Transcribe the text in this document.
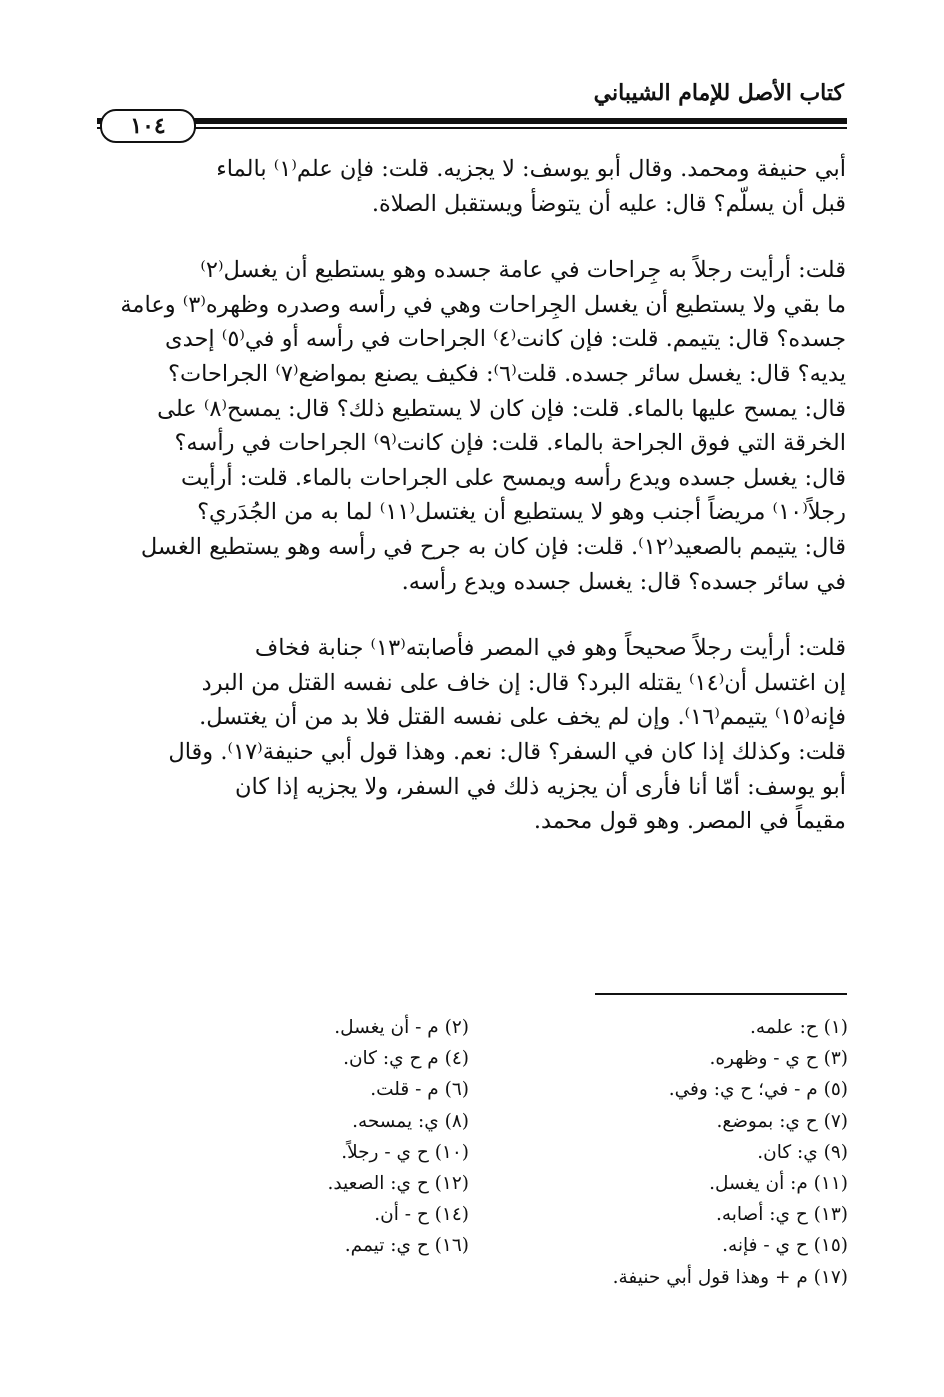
كتاب الأصل للإمام الشيباني
١٠٤
أبي حنيفة ومحمد. وقال أبو يوسف: لا يجزيه. قلت: فإن علم⁽١⁾ بالماء
قبل أن يسلّم؟ قال: عليه أن يتوضأ ويستقبل الصلاة.
قلت: أرأيت رجلاً به جِراحات في عامة جسده وهو يستطيع أن يغسل⁽٢⁾
ما بقي ولا يستطيع أن يغسل الجِراحات وهي في رأسه وصدره وظهره⁽٣⁾ وعامة
جسده؟ قال: يتيمم. قلت: فإن كانت⁽٤⁾ الجراحات في رأسه أو في⁽٥⁾ إحدى
يديه؟ قال: يغسل سائر جسده. قلت⁽٦⁾: فكيف يصنع بمواضع⁽٧⁾ الجراحات؟
قال: يمسح عليها بالماء. قلت: فإن كان لا يستطيع ذلك؟ قال: يمسح⁽٨⁾ على
الخرقة التي فوق الجراحة بالماء. قلت: فإن كانت⁽٩⁾ الجراحات في رأسه؟
قال: يغسل جسده ويدع رأسه ويمسح على الجراحات بالماء. قلت: أرأيت
رجلاً⁽١٠⁾ مريضاً أجنب وهو لا يستطيع أن يغتسل⁽١١⁾ لما به من الجُدَري؟
قال: يتيمم بالصعيد⁽١٢⁾. قلت: فإن كان به جرح في رأسه وهو يستطيع الغسل
في سائر جسده؟ قال: يغسل جسده ويدع رأسه.
قلت: أرأيت رجلاً صحيحاً وهو في المصر فأصابته⁽١٣⁾ جنابة فخاف
إن اغتسل أن⁽١٤⁾ يقتله البرد؟ قال: إن خاف على نفسه القتل من البرد
فإنه⁽١٥⁾ يتيمم⁽١٦⁾. وإن لم يخف على نفسه القتل فلا بد من أن يغتسل.
قلت: وكذلك إذا كان في السفر؟ قال: نعم. وهذا قول أبي حنيفة⁽١٧⁾. وقال
أبو يوسف: أمّا أنا فأرى أن يجزيه ذلك في السفر، ولا يجزيه إذا كان
مقيماً في المصر. وهو قول محمد.
(١) ح: علمه.
(٣) ح ي - وظهره.
(٥) م - في؛ ح ي: وفي.
(٧) ح ي: بموضع.
(٩) ي: كان.
(١١) م: أن يغسل.
(١٣) ح ي: أصابه.
(١٥) ح ي - فإنه.
(١٧) م + وهذا قول أبي حنيفة.
(٢) م - أن يغسل.
(٤) م ح ي: كان.
(٦) م - قلت.
(٨) ي: يمسحه.
(١٠) ح ي - رجلاً.
(١٢) ح ي: الصعيد.
(١٤) ح - أن.
(١٦) ح ي: تيمم.
